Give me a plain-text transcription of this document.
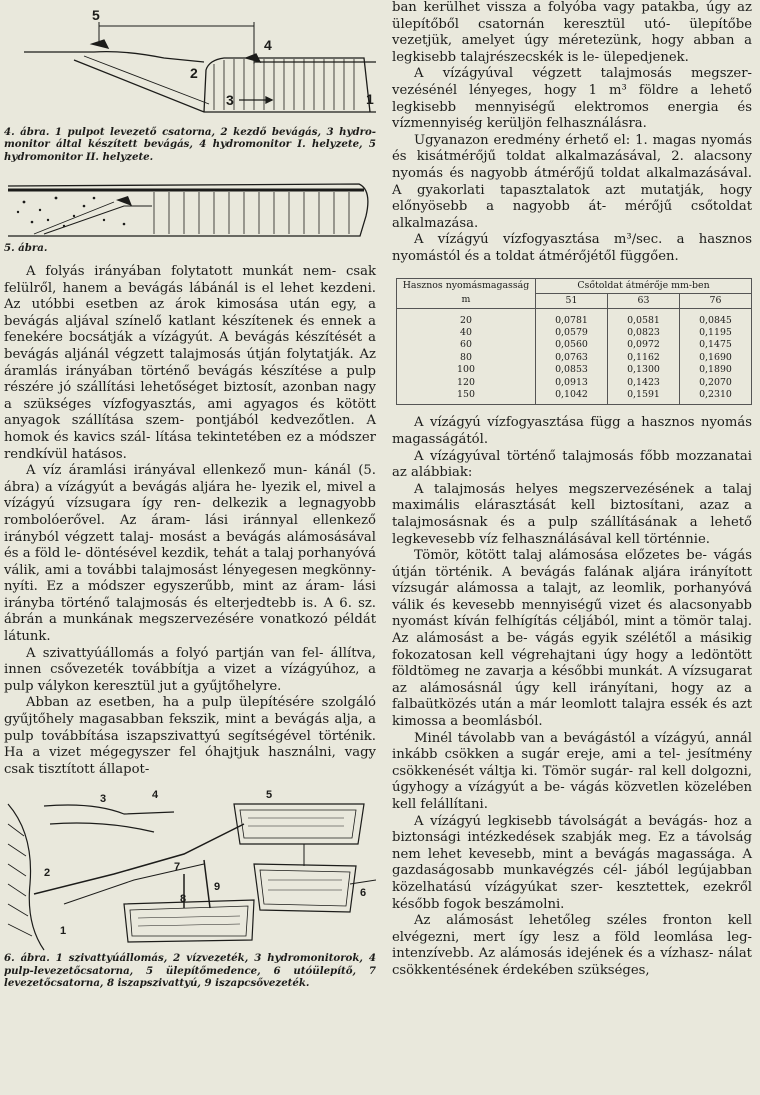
5
4
2
3	1

4. ábra. 1 pulpot levezető csatorna, 2 kezdő bevágás, 3 hydro- monitor által készített bevágás, 4 hydromonitor I. helyzete, 5 hydromonitor II. helyzete.

5. ábra.

A folyás irányában folytatott munkát nem- csak felülről, hanem a bevágás lábánál is el lehet kezdeni. Az utóbbi esetben az árok kimosása után egy, a bevágás aljával színelő katlant készítenek és ennek a fenekére bocsátják a vízágyút. A bevágás készítését a bevágás aljánál végzett talajmosás útján folytatják. Az áramlás irányában történő bevágás készítése a pulp részére jó szállítási lehetőséget biztosít, azonban nagy a szükséges vízfogyasztás, ami agyagos és kötött anyagok szállítása szem- pontjából kedvezőtlen. A homok és kavics szál- lítása tekintetében ez a módszer rendkívül hatásos.

A víz áramlási irányával ellenkező mun- kánál (5. ábra) a vízágyút a bevágás aljára he- lyezik el, mivel a vízágyú vízsugara így ren- delkezik a legnagyobb rombolóerővel. Az áram- lási iránnyal ellenkező irányból végzett talaj- mosást a bevágás alámosásával és a föld le- döntésével kezdik, tehát a talaj porhanyóvá válik, ami a további talajmosást lényegesen megkönny- nyíti. Ez a módszer egyszerűbb, mint az áram- lási irányba történő talajmosás és elterjedtebb is. A 6. sz. ábrán a munkának megszervezésére vonatkozó példát látunk.

A szivattyúállomás a folyó partján van fel- állítva, innen csővezeték továbbítja a vizet a vízágyúhoz, a pulp válykon keresztül jut a gyűjtőhelyre.

Abban az esetben, ha a pulp ülepítésére szolgáló gyűjtőhely magasabban fekszik, mint a bevágás alja, a pulp továbbítása iszapszivattyú segítségével történik. Ha a vizet mégegyszer fel óhajtjuk használni, vagy csak tisztított állapot-

3	4	5
2
6
1
7
8
9

6. ábra. 1 szivattyúállomás, 2 vízvezeték, 3 hydromonitorok, 4 pulp-levezetőcsatorna, 5 ülepítőmedence, 6 utóülepítő, 7 levezetőcsatorna, 8 iszapszivattyú, 9 iszapcsővezeték.

ban kerülhet vissza a folyóba vagy patakba, úgy az ülepítőből csatornán keresztül utó- ülepítőbe vezetjük, amelyet úgy méretezünk, hogy abban a legkisebb talajrészecskék is le- ülepedjenek.

A vízágyúval végzett talajmosás megszer- vezésénél lényeges, hogy 1 m³ földre a lehető legkisebb mennyiségű elektromos energia és vízmennyiség kerüljön felhasználásra.

Ugyanazon eredmény érhető el: 1. magas nyomás és kisátmérőjű toldat alkalmazásával, 2. alacsony nyomás és nagyobb átmérőjű toldat alkalmazásával. A gyakorlati tapasztalatok azt mutatják, hogy előnyösebb a nagyobb át- mérőjű csőtoldat alkalmazása.

A vízágyú vízfogyasztása m³/sec. a hasznos nyomástól és a toldat átmérőjétől függően.

Hasznos nyomásmagasság m	Csőtoldat átmérője mm-ben		
	51	63	76
20	0,0781	0,0581	0,0845
40	0,0579	0,0823	0,1195
60	0,0560	0,0972	0,1475
80	0,0763	0,1162	0,1690
100	0,0853	0,1300	0,1890
120	0,0913	0,1423	0,2070
150	0,1042	0,1591	0,2310

A vízágyú vízfogyasztása függ a hasznos nyomás magasságától.

A vízágyúval történő talajmosás főbb mozzanatai az alábbiak:

A talajmosás helyes megszervezésének a talaj maximális elárasztását kell biztosítani, azaz a talajmosásnak és a pulp szállításának a lehető legkevesebb víz felhasználásával kell történnie.

Tömör, kötött talaj alámosása előzetes be- vágás útján történik. A bevágás falának aljára irányított vízsugár alámossa a talajt, az leomlik, porhanyóvá válik és kevesebb mennyiségű vizet és alacsonyabb nyomást kíván felhígítás céljából, mint a tömör talaj. Az alámosást a be- vágás egyik szélétől a másikig fokozatosan kell végrehajtani úgy hogy a ledöntött földtömeg ne zavarja a későbbi munkát. A vízsugarat az alámosásnál úgy kell irányítani, hogy az a falbaütközés után a már leomlott talajra essék és azt kimossa a beomlásból.

Minél távolabb van a bevágástól a vízágyú, annál inkább csökken a sugár ereje, ami a tel- jesítmény csökkenését váltja ki. Tömör sugár- ral kell dolgozni, úgyhogy a vízágyút a be- vágás közvetlen közelében kell felállítani.

A vízágyú legkisebb távolságát a bevágás- hoz a biztonsági intézkedések szabják meg. Ez a távolság nem lehet kevesebb, mint a bevágás magassága. A gazdaságosabb munkavégzés cél- jából legújabban közelhatású vízágyúkat szer- kesztettek, ezekről később fogok beszámolni.

Az alámosást lehetőleg széles fronton kell elvégezni, mert így lesz a föld leomlása leg- intenzívebb. Az alámosás idejének és a vízhasz- nálat csökkentésének érdekében szükséges,
